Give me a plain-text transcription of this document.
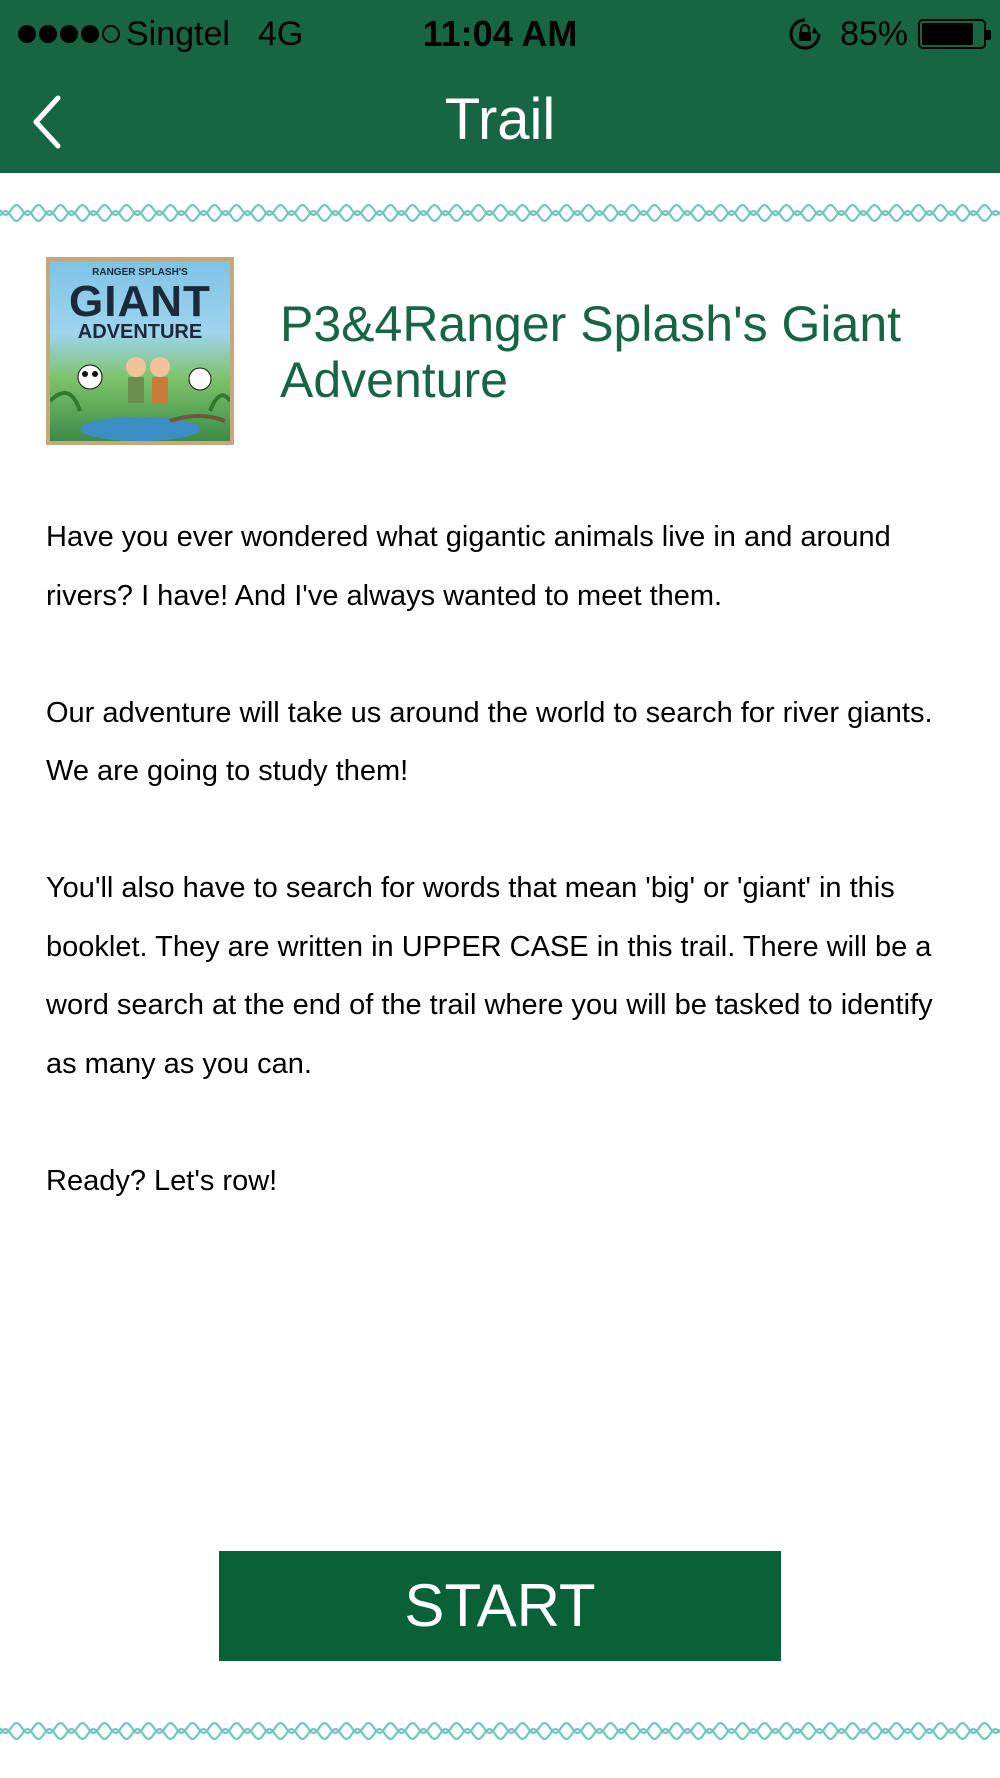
Singtel 4G	11:04 AM	85%
Trail
RANGER SPLASH'S
GIANT
ADVENTURE	P3&4Ranger Splash's Giant Adventure

Have you ever wondered what gigantic animals live in and around rivers? I have! And I've always wanted to meet them.

Our adventure will take us around the world to search for river giants. We are going to study them!

You'll also have to search for words that mean 'big' or 'giant' in this booklet. They are written in UPPER CASE in this trail. There will be a word search at the end of the trail where you will be tasked to identify as many as you can.

Ready? Let's row!

START
